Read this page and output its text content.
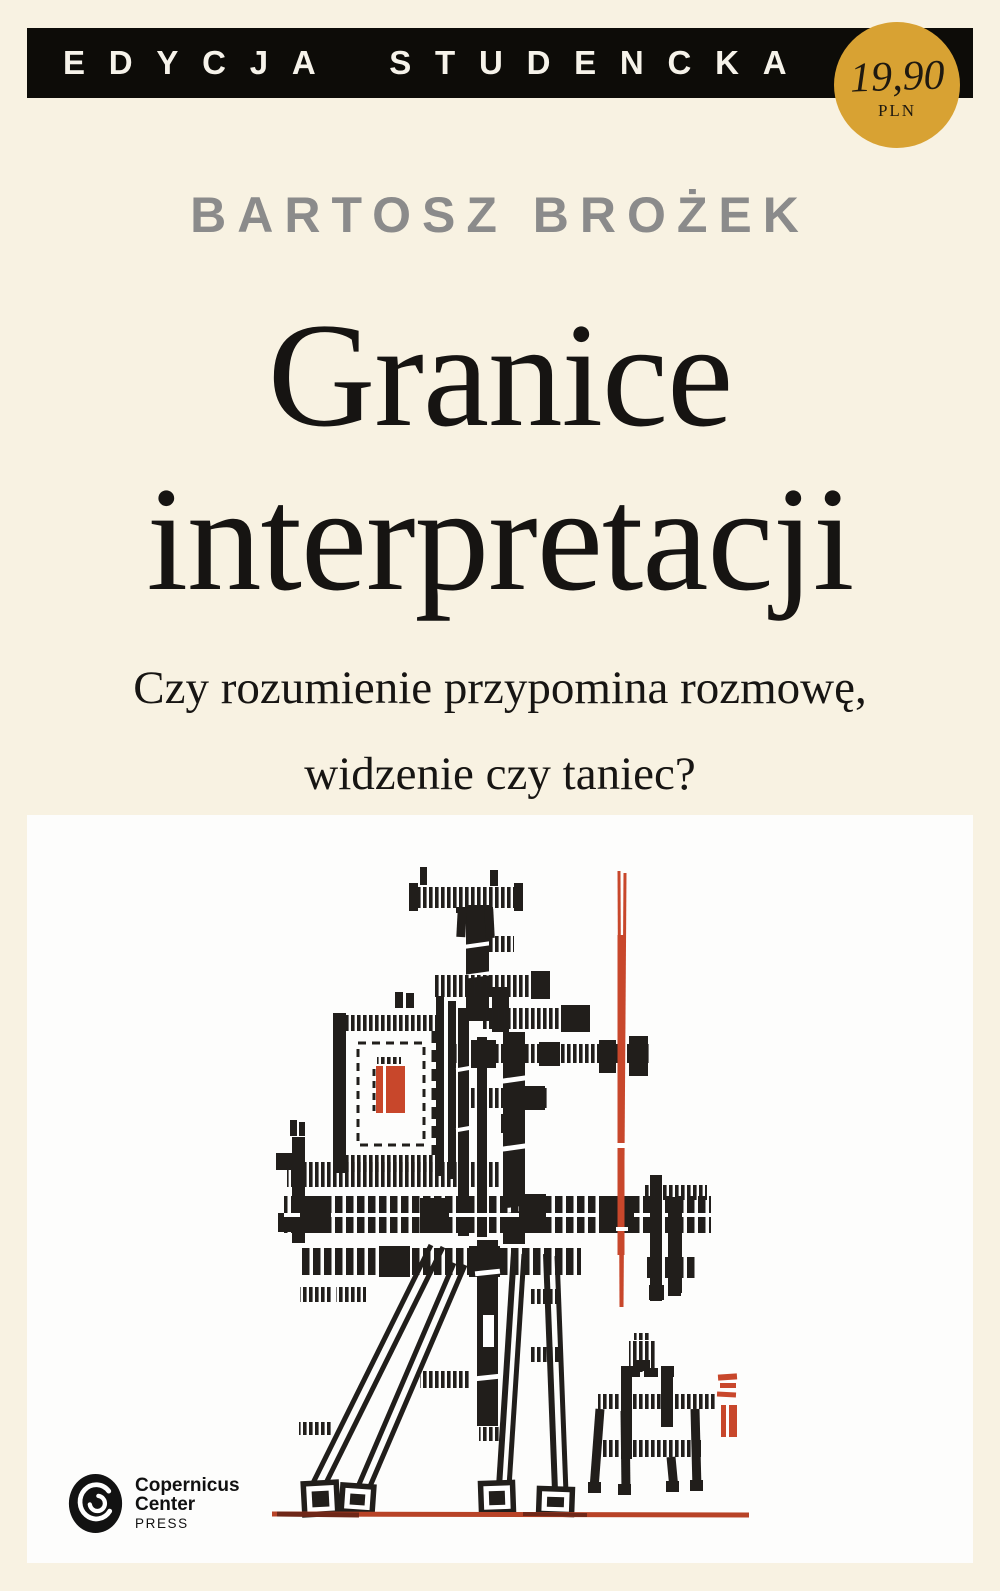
EDYCJA STUDENCKA 19,90
PLN
BARTOSZ BROŻEK
Granice
interpretacji
Czy rozumienie przypomina rozmowę,
widzenie czy taniec?
Copernicus
Center
PRESS
